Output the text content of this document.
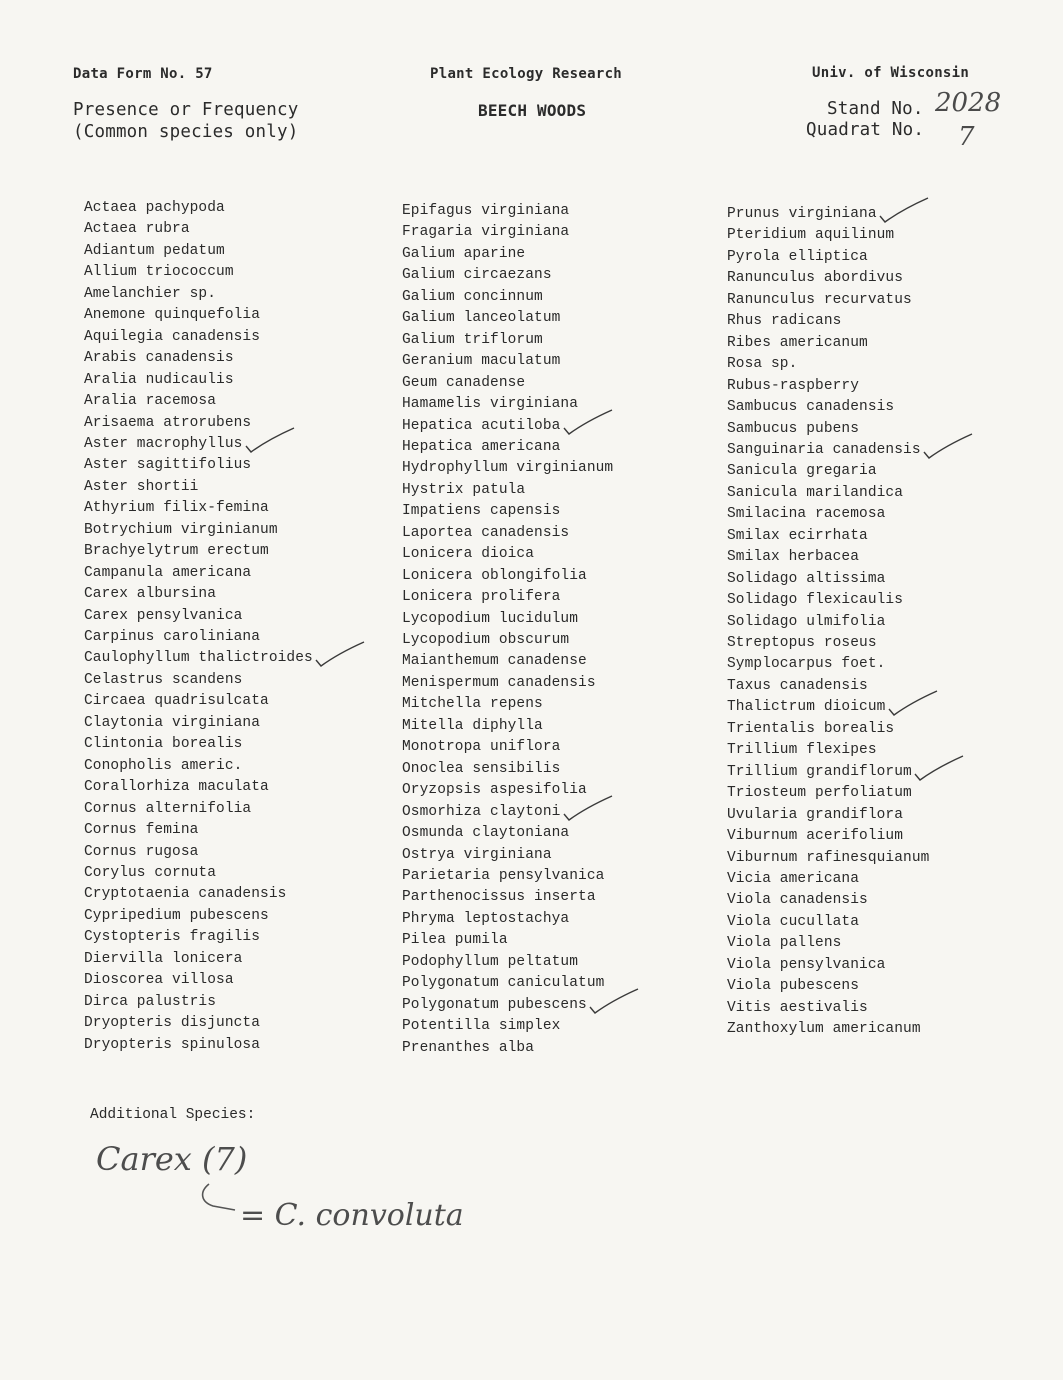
Data Form No. 57	Plant Ecology Research	Univ. of Wisconsin
Presence or Frequency
(Common species only)
BEECH WOODS	Stand No.
Quadrat No.
2028
7
Actaea pachypoda
Actaea rubra
Adiantum pedatum
Allium triococcum
Amelanchier sp.
Anemone quinquefolia
Aquilegia canadensis
Arabis canadensis
Aralia nudicaulis
Aralia racemosa
Arisaema atrorubens
Aster macrophyllus
Aster sagittifolius
Aster shortii
Athyrium filix-femina
Botrychium virginianum
Brachyelytrum erectum
Campanula americana
Carex albursina
Carex pensylvanica
Carpinus caroliniana
Caulophyllum thalictroides
Celastrus scandens
Circaea quadrisulcata
Claytonia virginiana
Clintonia borealis
Conopholis americ.
Corallorhiza maculata
Cornus alternifolia
Cornus femina
Cornus rugosa
Corylus cornuta
Cryptotaenia canadensis
Cypripedium pubescens
Cystopteris fragilis
Diervilla lonicera
Dioscorea villosa
Dirca palustris
Dryopteris disjuncta
Dryopteris spinulosa
Epifagus virginiana
Fragaria virginiana
Galium aparine
Galium circaezans
Galium concinnum
Galium lanceolatum
Galium triflorum
Geranium maculatum
Geum canadense
Hamamelis virginiana
Hepatica acutiloba
Hepatica americana
Hydrophyllum virginianum
Hystrix patula
Impatiens capensis
Laportea canadensis
Lonicera dioica
Lonicera oblongifolia
Lonicera prolifera
Lycopodium lucidulum
Lycopodium obscurum
Maianthemum canadense
Menispermum canadensis
Mitchella repens
Mitella diphylla
Monotropa uniflora
Onoclea sensibilis
Oryzopsis aspesifolia
Osmorhiza claytoni
Osmunda claytoniana
Ostrya virginiana
Parietaria pensylvanica
Parthenocissus inserta
Phryma leptostachya
Pilea pumila
Podophyllum peltatum
Polygonatum caniculatum
Polygonatum pubescens
Potentilla simplex
Prenanthes alba
Prunus virginiana
Pteridium aquilinum
Pyrola elliptica
Ranunculus abordivus
Ranunculus recurvatus
Rhus radicans
Ribes americanum
Rosa sp.
Rubus-raspberry
Sambucus canadensis
Sambucus pubens
Sanguinaria canadensis
Sanicula gregaria
Sanicula marilandica
Smilacina racemosa
Smilax ecirrhata
Smilax herbacea
Solidago altissima
Solidago flexicaulis
Solidago ulmifolia
Streptopus roseus
Symplocarpus foet.
Taxus canadensis
Thalictrum dioicum
Trientalis borealis
Trillium flexipes
Trillium grandiflorum
Triosteum perfoliatum
Uvularia grandiflora
Viburnum acerifolium
Viburnum rafinesquianum
Vicia americana
Viola canadensis
Viola cucullata
Viola pallens
Viola pensylvanica
Viola pubescens
Vitis aestivalis
Zanthoxylum americanum
Additional Species:
Carex (7)
= C. convoluta
